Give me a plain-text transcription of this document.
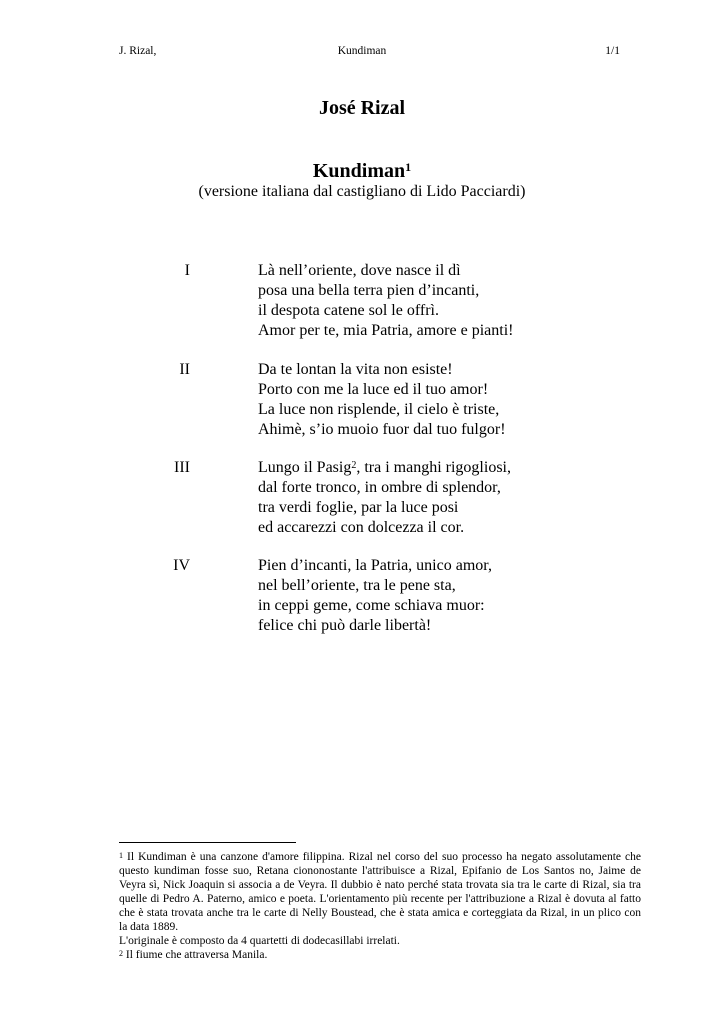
J. Rizal,	Kundiman	1/1
José Rizal
Kundiman$^1$
(versione italiana dal castigliano di Lido Pacciardi)
I	Là nell’oriente, dove nasce il dì
posa una bella terra pien d’incanti,
il despota catene sol le offrì.
Amor per te, mia Patria, amore e pianti!
II	Da te lontan la vita non esiste!
Porto con me la luce ed il tuo amor!
La luce non risplende, il cielo è triste,
Ahimè, s’io muoio fuor dal tuo fulgor!
III	Lungo il Pasig$^2$, tra i manghi rigogliosi,
dal forte tronco, in ombre di splendor,
tra verdi foglie, par la luce posi
ed accarezzi con dolcezza il cor.
IV	Pien d’incanti, la Patria, unico amor,
nel bell’oriente, tra le pene sta,
in ceppi geme, come schiava muor:
felice chi può darle libertà!

$^1$ Il Kundiman è una canzone d'amore filippina. Rizal nel corso del suo processo ha negato assolutamente che questo kundiman fosse suo, Retana ciononostante l'attribuisce a Rizal, Epifanio de Los Santos no, Jaime de Veyra sì, Nick Joaquin si associa a de Veyra. Il dubbio è nato perché stata trovata sia tra le carte di Rizal, sia tra quelle di Pedro A. Paterno, amico e poeta. L'orientamento più recente per l'attribuzione a Rizal è dovuta al fatto che è stata trovata anche tra le carte di Nelly Boustead, che è stata amica e corteggiata da Rizal, in un plico con la data 1889.

L'originale è composto da 4 quartetti di dodecasillabi irrelati.

$^2$ Il fiume che attraversa Manila.
